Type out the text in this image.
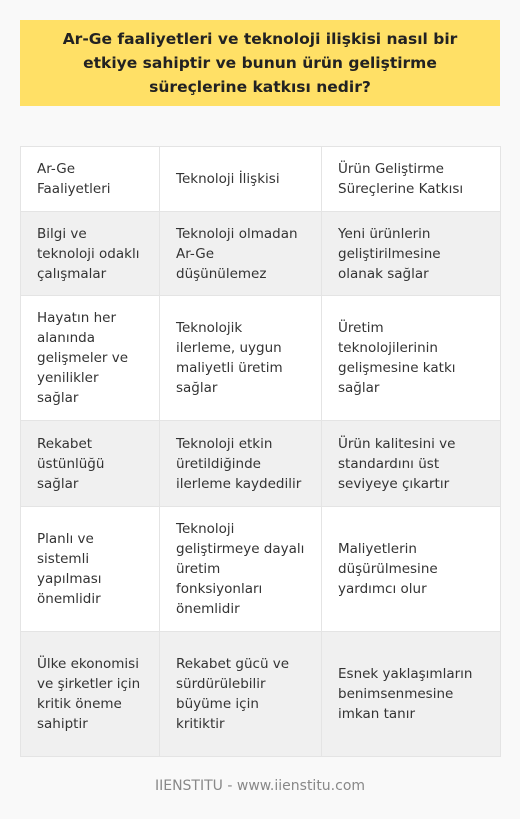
Ar-Ge faaliyetleri ve teknoloji ilişkisi nasıl bir etkiye sahiptir ve bunun ürün geliştirme süreçlerine katkısı nedir?
Ar-Ge Faaliyetleri	Teknoloji İlişkisi	Ürün Geliştirme Süreçlerine Katkısı
Bilgi ve teknoloji odaklı çalışmalar	Teknoloji olmadan Ar-Ge düşünülemez	Yeni ürünlerin geliştirilmesine olanak sağlar
Hayatın her alanında gelişmeler ve yenilikler sağlar	Teknolojik ilerleme, uygun maliyetli üretim sağlar	Üretim teknolojilerinin gelişmesine katkı sağlar
Rekabet üstünlüğü sağlar	Teknoloji etkin üretildiğinde ilerleme kaydedilir	Ürün kalitesini ve standardını üst seviyeye çıkartır
Planlı ve sistemli yapılması önemlidir	Teknoloji geliştirmeye dayalı üretim fonksiyonları önemlidir	Maliyetlerin düşürülmesine yardımcı olur
Ülke ekonomisi ve şirketler için kritik öneme sahiptir	Rekabet gücü ve sürdürülebilir büyüme için kritiktir	Esnek yaklaşımların benimsenmesine imkan tanır
IIENSTITU - www.iienstitu.com
